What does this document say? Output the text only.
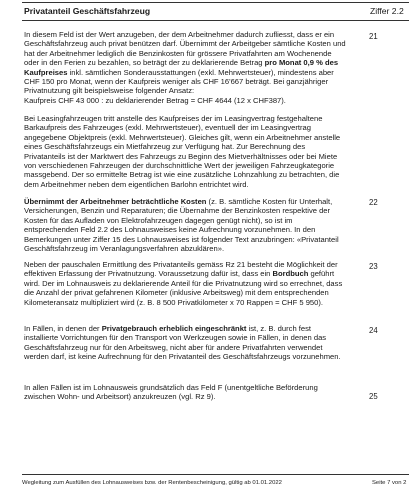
Privatanteil Geschäftsfahrzeug	Ziffer 2.2

In diesem Feld ist der Wert anzugeben, der dem Arbeitnehmer dadurch zufliesst, dass er ein Geschäftsfahrzeug auch privat benützen darf. Übernimmt der Arbeitgeber sämtliche Kosten und hat der Arbeitnehmer lediglich die Benzinkosten für grössere Privatfahrten am Wochenende oder in den Ferien zu bezahlen, so beträgt der zu deklarierende Betrag pro Monat 0,9 % des Kaufpreises inkl. sämtlichen Sonderausstattungen (exkl. Mehrwertsteuer), mindestens aber CHF 150 pro Monat, wenn der Kaufpreis weniger als CHF 16'667 beträgt. Bei ganzjähriger Privatnutzung gilt beispielsweise folgender Ansatz:

Kaufpreis CHF 43 000 : zu deklarierender Betrag = CHF 4644 (12 x CHF387).

21

Bei Leasingfahrzeugen tritt anstelle des Kaufpreises der im Leasingvertrag festgehaltene Barkaufpreis des Fahrzeuges (exkl. Mehrwertsteuer), eventuell der im Leasingvertrag angegebene Objektpreis (exkl. Mehrwertsteuer). Gleiches gilt, wenn ein Arbeitnehmer anstelle eines Geschäftsfahrzeugs ein Mietfahrzeug zur Verfügung hat. Zur Berechnung des Privatanteils ist der Marktwert des Fahrzeugs zu Beginn des Mietverhältnisses oder bei Miete von verschiedenen Fahrzeugen der durchschnittliche Wert der jeweiligen Fahrzeugkategorie massgebend. Der so ermittelte Betrag ist wie eine zusätzliche Lohnzahlung zu betrachten, die dem Arbeitnehmer neben dem eigentlichen Barlohn entrichtet wird.

Übernimmt der Arbeitnehmer beträchtliche Kosten (z. B. sämtliche Kosten für Unterhalt, Versicherungen, Benzin und Reparaturen; die Übernahme der Benzinkosten respektive der Kosten für das Aufladen von Elektrofahrzeugen dagegen genügt nicht), so ist im entsprechenden Feld 2.2 des Lohnausweises keine Aufrechnung vorzunehmen. In den Bemerkungen unter Ziffer 15 des Lohnausweises ist folgender Text anzubringen: «Privatanteil Geschäftsfahrzeug im Veranlagungsverfahren abzuklären».

22

Neben der pauschalen Ermittlung des Privatanteils gemäss Rz 21 besteht die Möglichkeit der effektiven Erfassung der Privatnutzung. Voraussetzung dafür ist, dass ein Bordbuch geführt wird. Der im Lohnausweis zu deklarierende Anteil für die Privatnutzung wird so errechnet, dass die Anzahl der privat gefahrenen Kilometer (inklusive Arbeitsweg) mit dem entsprechenden Kilometeransatz multipliziert wird (z. B. 8 500 Privatkilometer x 70 Rappen = CHF 5 950).

23

In Fällen, in denen der Privatgebrauch erheblich eingeschränkt ist, z. B. durch fest installierte Vorrichtungen für den Transport von Werkzeugen sowie in Fällen, in denen das Geschäftsfahrzeug nur für den Arbeitsweg, nicht aber für andere Privatfahrten verwendet werden darf, ist keine Aufrechnung für den Privatanteil des Geschäftsfahrzeugs vorzunehmen.

24

In allen Fällen ist im Lohnausweis grundsätzlich das Feld F (unentgeltliche Beförderung zwischen Wohn- und Arbeitsort) anzukreuzen (vgl. Rz 9).	25
Wegleitung zum Ausfüllen des Lohnausweises bzw. der Rentenbescheinigung, gültig ab 01.01.2022	Seite 7 von 2
